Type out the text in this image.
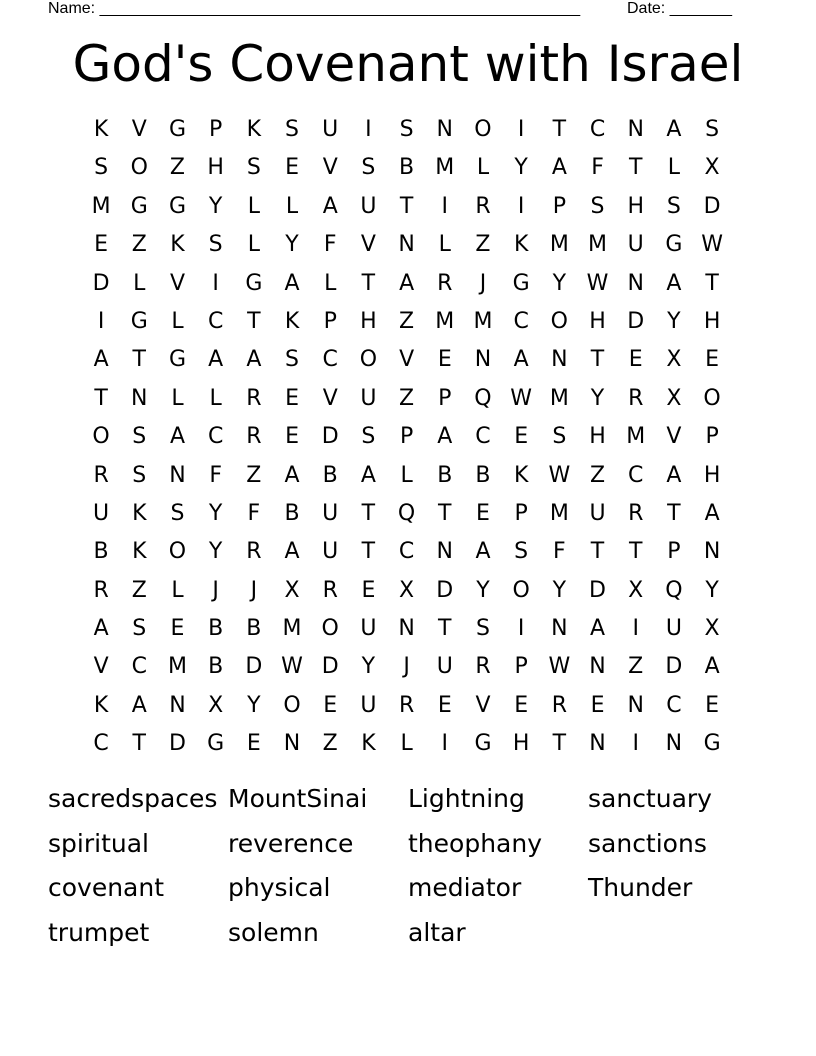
Name: ______________________________________________________	Date: _______
God's Covenant with Israel
K	V	G	P	K	S	U	I	S	N O	I	T	C	N	A	S
S	O Z	H	S	E	V	S	B M	L	Y	A	F	T	L	X
M G G	Y	L	L	A	U	T	I	R	I	P	S	H	S	D
E	Z	K	S	L	Y	F	V	N	L	Z	K M M U G W
D	L	V	I	G	A	L	T	A	R	J	G	Y W N	A	T
I	G	L	C	T	K	P	H	Z M M C O H D	Y	H
A	T	G	A	A	S	C O	V	E	N	A	N	T	E	X	E
T	N	L	L	R	E	V	U	Z	P	Q W M Y	R	X O
O	S	A	C	R	E	D	S	P	A	C	E	S	H M V	P
R	S	N	F	Z	A	B	A	L	B	B	K W Z	C	A	H
U	K	S	Y	F	B	U	T	Q	T	E	P	M U	R	T	A
B	K	O	Y	R	A	U	T	C	N	A	S	F	T	T	P	N
R	Z	L	J	J	X	R	E	X	D	Y	O	Y	D	X Q	Y
A	S	E	B	B M O U N	T	S	I	N	A	I	U	X
V	C M B	D W D	Y	J	U	R	P W N	Z	D	A
K	A	N	X	Y	O	E	U	R	E	V	E	R	E	N	C	E
C	T	D G	E	N	Z	K	L	I	G H	T	N	I	N G
sacredspaces MountSinai	Lightning	sanctuary
spiritual	reverence	theophany	sanctions
covenant	physical	mediator	Thunder
trumpet	solemn	altar
